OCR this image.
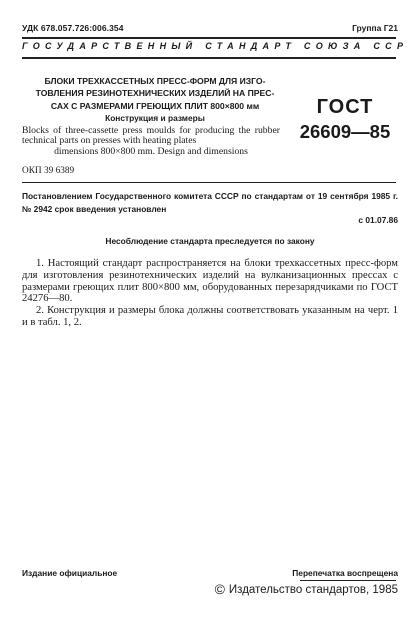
УДК 678.057.726:006.354	Группа Г21
ГОСУДАРСТВЕННЫЙ СТАНДАРТ СОЮЗА ССР
БЛОКИ ТРЕХКАССЕТНЫХ ПРЕСС-ФОРМ ДЛЯ ИЗГО-
ТОВЛЕНИЯ РЕЗИНОТЕХНИЧЕСКИХ ИЗДЕЛИЙ НА ПРЕС-
САХ С РАЗМЕРАМИ ГРЕЮЩИХ ПЛИТ 800×800 мм
Конструкция и размеры
Blocks of three-cassette press moulds for producing the rubber technical parts on presses with heating plates
dimensions 800×800 mm. Design and dimensions
ГОСТ
26609—85
ОКП 39 6389
Постановлением Государственного комитета СССР по стандартам от 19 сентября 1985 г. № 2942 срок введения установлен
с 01.07.86
Несоблюдение стандарта преследуется по закону

1. Настоящий стандарт распространяется на блоки трехкассетных пресс-форм для изготовления резинотехнических изделий на вулканизационных прессах с размерами греющих плит 800×800 мм, оборудованных перезарядчиками по ГОСТ 24276—80.

2. Конструкция и размеры блока должны соответствовать указанным на черт. 1 и в табл. 1, 2.

Издание официальное	Перепечатка воспрещена
© Издательство стандартов, 1985
